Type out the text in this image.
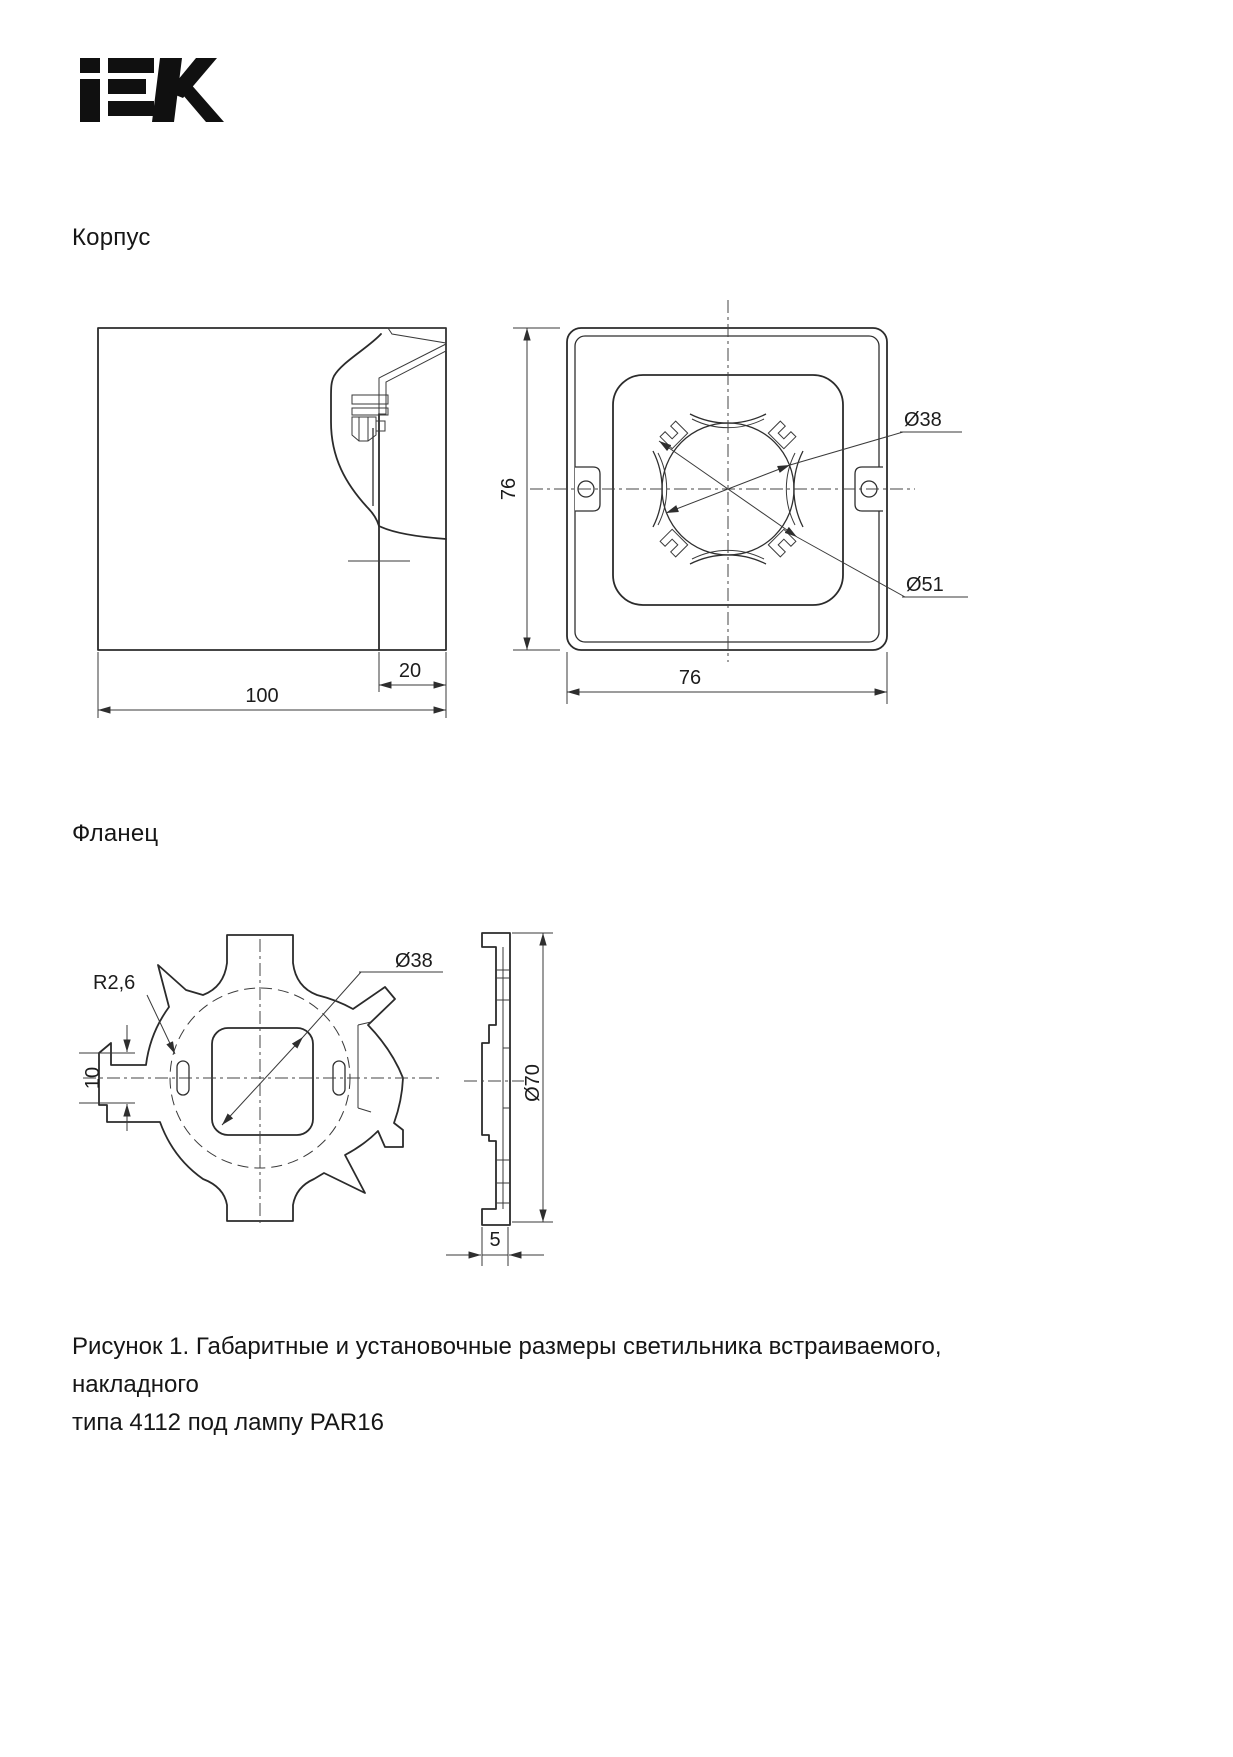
Корпус
20
100
76
Ø38
Ø51
76
Фланец
R2,6
Ø38
10	Ø70
5
Рисунок 1. Габаритные и установочные размеры светильника встраиваемого, накладного
типа 4112 под лампу PAR16
